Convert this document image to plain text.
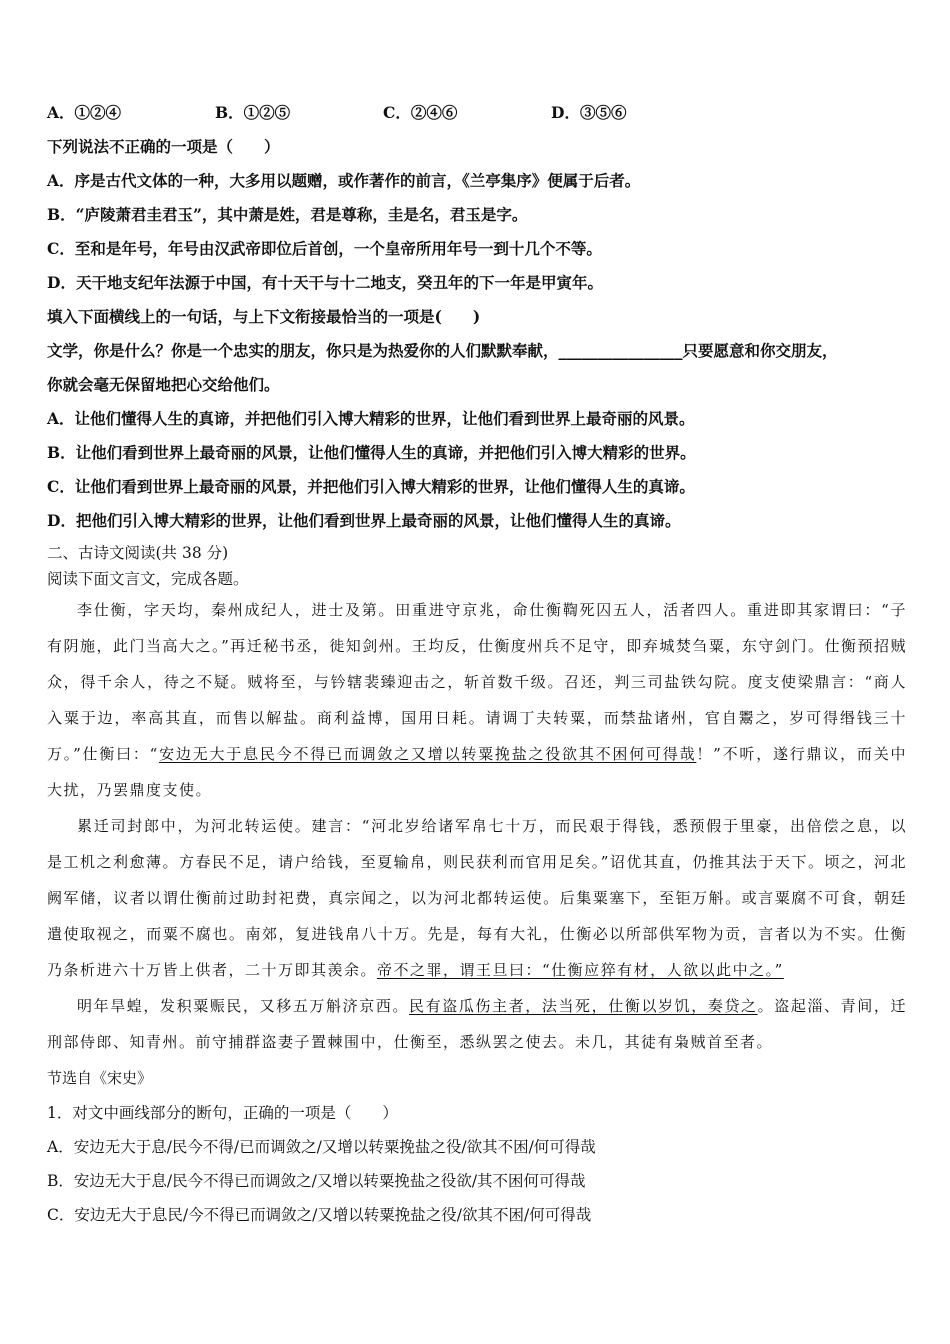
A．①②④	B．①②⑤	C．②④⑥	D．③⑤⑥
下列说法不正确的一项是（　　）
A．序是古代文体的一种，大多用以题赠，或作著作的前言，《兰亭集序》便属于后者。
B．“庐陵萧君圭君玉”，其中萧是姓，君是尊称，圭是名，君玉是字。
C．至和是年号，年号由汉武帝即位后首创，一个皇帝所用年号一到十几个不等。
D．天干地支纪年法源于中国，有十天干与十二地支，癸丑年的下一年是甲寅年。
填入下面横线上的一句话，与上下文衔接最恰当的一项是(　　)
文学，你是什么？你是一个忠实的朋友，你只是为热爱你的人们默默奉献，________________只要愿意和你交朋友，
你就会毫无保留地把心交给他们。
A．让他们懂得人生的真谛，并把他们引入博大精彩的世界，让他们看到世界上最奇丽的风景。
B．让他们看到世界上最奇丽的风景，让他们懂得人生的真谛，并把他们引入博大精彩的世界。
C．让他们看到世界上最奇丽的风景，并把他们引入博大精彩的世界，让他们懂得人生的真谛。
D．把他们引入博大精彩的世界，让他们看到世界上最奇丽的风景，让他们懂得人生的真谛。
二、古诗文阅读(共 38 分)
阅读下面文言文，完成各题。

李仕衡，字天均，秦州成纪人，进士及第。田重进守京兆，命仕衡鞫死囚五人，活者四人。重进即其家谓曰：“子有阴施，此门当高大之。”再迁秘书丞，徙知剑州。王均反，仕衡度州兵不足守，即弃城焚刍粟，东守剑门。仕衡预招贼众，得千余人，待之不疑。贼将至，与钤辖裴臻迎击之，斩首数千级。召还，判三司盐铁勾院。度支使梁鼎言：“商人入粟于边，率高其直，而售以解盐。商利益博，国用日耗。请调丁夫转粟，而禁盐诸州，官自鬻之，岁可得缗钱三十万。”仕衡曰：“安边无大于息民今不得已而调敛之又增以转粟挽盐之役欲其不困何可得哉！”不听，遂行鼎议，而关中大扰，乃罢鼎度支使。

累迁司封郎中，为河北转运使。建言：“河北岁给诸军帛七十万，而民艰于得钱，悉预假于里豪，出倍偿之息，以是工机之利愈薄。方春民不足，请户给钱，至夏输帛，则民获利而官用足矣。”诏优其直，仍推其法于天下。顷之，河北阙军储，议者以谓仕衡前过助封祀费，真宗闻之，以为河北都转运使。后集粟塞下，至钜万斛。或言粟腐不可食，朝廷遣使取视之，而粟不腐也。南郊，复进钱帛八十万。先是，每有大礼，仕衡必以所部供军物为贡，言者以为不实。仕衡乃条析进六十万皆上供者，二十万即其羡余。帝不之罪，谓王旦曰：“仕衡应猝有材，人欲以此中之。”

明年旱蝗，发积粟赈民，又移五万斛济京西。民有盗瓜伤主者，法当死，仕衡以岁饥，奏贷之。盗起淄、青间，迁刑部侍郎、知青州。前守捕群盗妻子置棘围中，仕衡至，悉纵罢之使去。未几，其徒有枭贼首至者。

节选自《宋史》
1．对文中画线部分的断句，正确的一项是（　　）
A．安边无大于息/民今不得/已而调敛之/又增以转粟挽盐之役/欲其不困/何可得哉
B．安边无大于息/民今不得已而调敛之/又增以转粟挽盐之役欲/其不困何可得哉
C．安边无大于息民/今不得已而调敛之/又增以转粟挽盐之役/欲其不困/何可得哉
